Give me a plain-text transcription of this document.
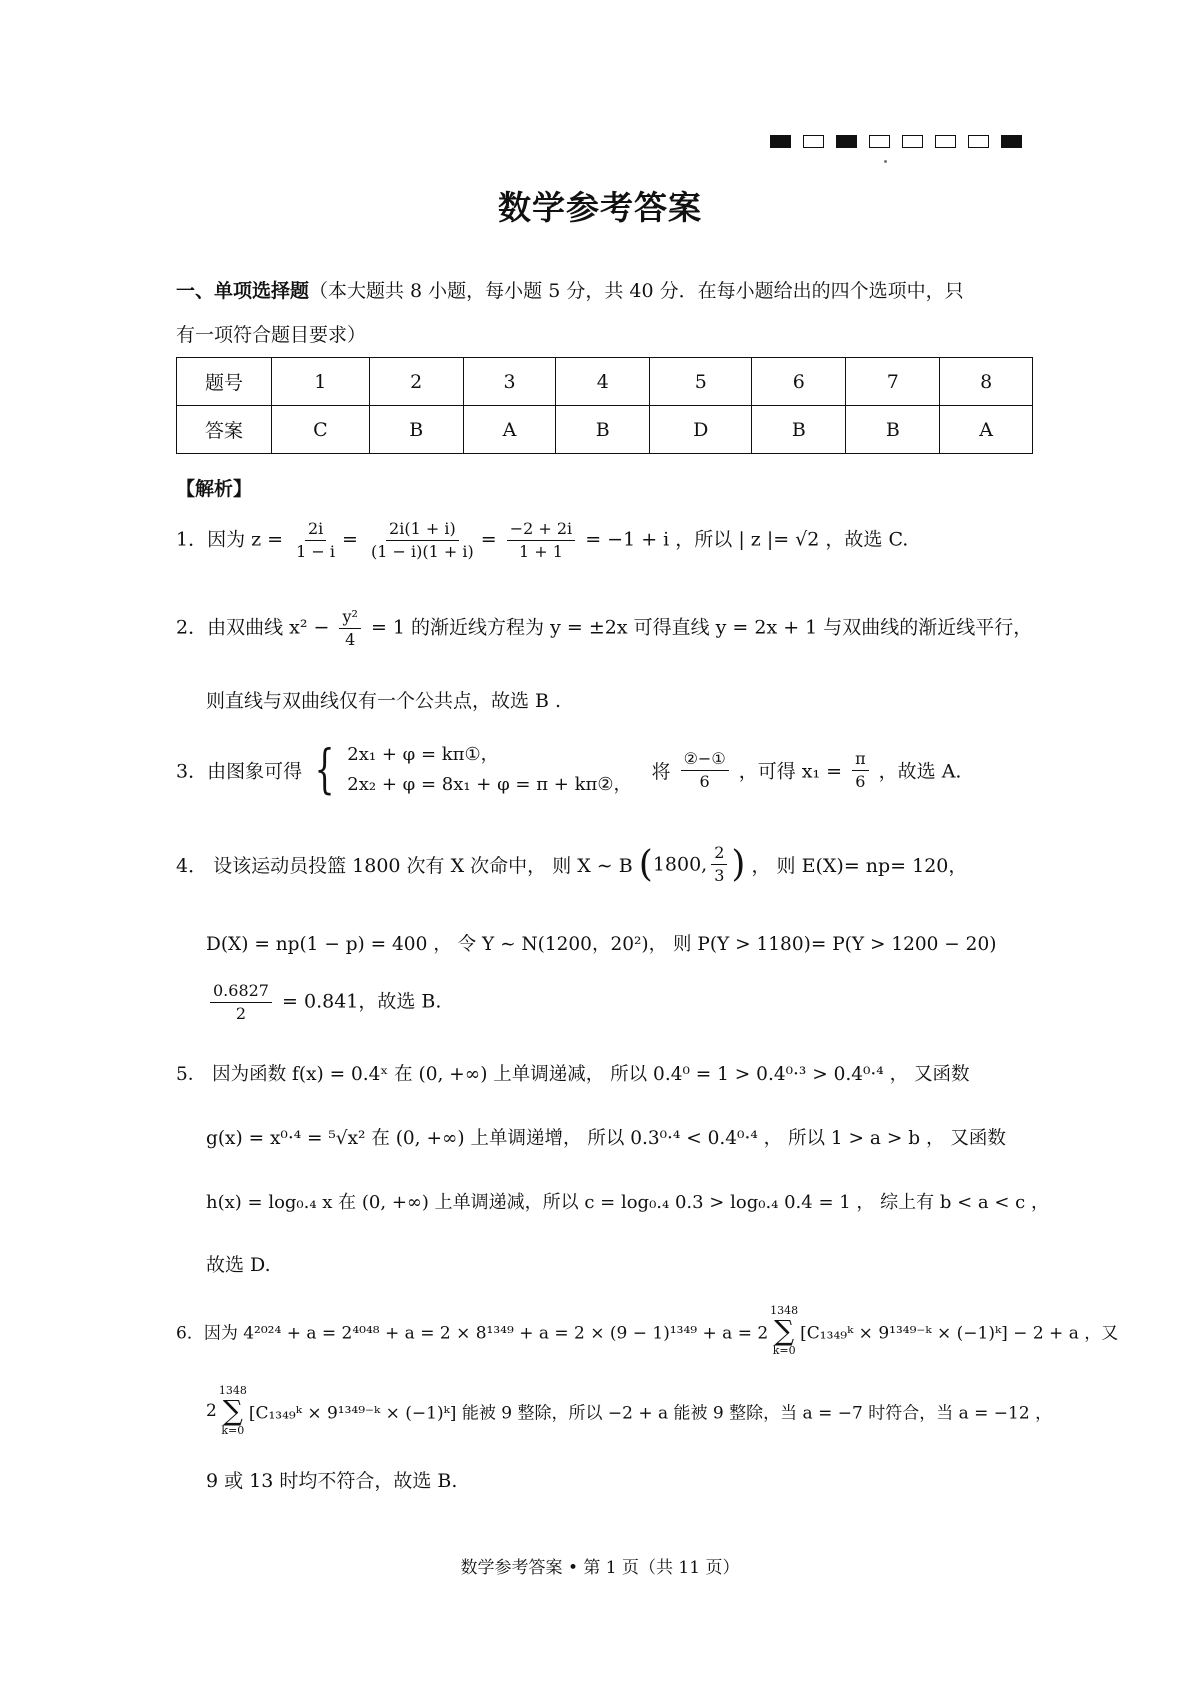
数学参考答案
一、单项选择题（本大题共 8 小题，每小题 5 分，共 40 分．在每小题给出的四个选项中，只
有一项符合题目要求）
题号	1	2	3	4	5	6	7	8
答案	C	B	A	B	D	B	B	A
【解析】
1．因为 $z = \frac{2i}{1 - i} = \frac{2i(1 + i)}{(1 - i)(1 + i)} = \frac{-2 + 2i}{1 + 1} = -1 + i$ ，所以 | z |= √2 ，故选 C.
2．由双曲线 $x^2 - \frac{\text{y²}}{4} = 1$ 的渐近线方程为 y = ±2x 可得直线 y = 2x + 1 与双曲线的渐近线平行，
则直线与双曲线仅有一个公共点，故选 B .
3．由图象可得 { 2x₁ + φ = kπ①，
2x₂ + φ = 8x₁ + φ = π + kπ②，
将 $\frac{\text{②−①}}{6}$ ，可得 $x_1 = \frac{\pi}{6}$ ，故选 A.
4． 设该运动员投篮 1800 次有 X 次命中， 则 X ∼ B (1800, $\frac{2}{3}$ ) ， 则 E(X)= np= 120，
D(X) = np(1 − p) = 400 ， 令 Y ∼ N(1200，20²)， 则 P(Y > 1180)= P(Y > 1200 − 20)
$\frac{0.6827}{2} = 0.841$，故选 B.
5． 因为函数 f(x) = 0.4ˣ 在 (0, +∞) 上单调递减， 所以 0.4⁰ = 1 > 0.4⁰·³ > 0.4⁰·⁴ ， 又函数
g(x) = x⁰·⁴ = ⁵√x² 在 (0, +∞) 上单调递增， 所以 0.3⁰·⁴ < 0.4⁰·⁴ ， 所以 1 > a > b ， 又函数
h(x) = log₀.₄ x 在 (0, +∞) 上单调递减，所以 c = log₀.₄ 0.3 > log₀.₄ 0.4 = 1 ， 综上有 b < a < c ，
故选 D.
6．因为 4²⁰²⁴ + a = 2⁴⁰⁴⁸ + a = 2 × 8¹³⁴⁹ + a = 2 × (9 − 1)¹³⁴⁹ + a = 2
1348
∑
k=0
[C₁₃₄₉ᵏ × 9¹³⁴⁹⁻ᵏ × (−1)ᵏ] − 2 + a ，又
2
1348
∑
k=0
[C₁₃₄₉ᵏ × 9¹³⁴⁹⁻ᵏ × (−1)ᵏ] 能被 9 整除，所以 −2 + a 能被 9 整除，当 a = −7 时符合，当 a = −12 ，
9 或 13 时均不符合，故选 B.
数学参考答案 • 第 1 页（共 11 页）
